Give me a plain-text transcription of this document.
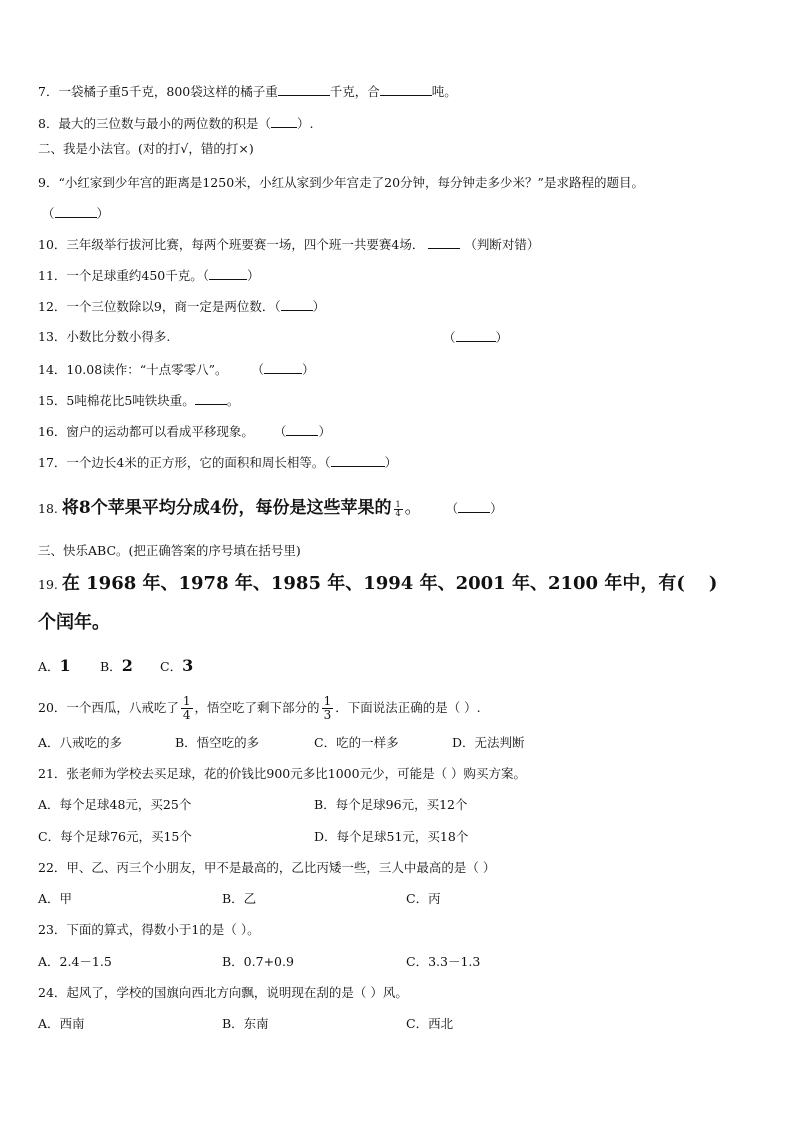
7．一袋橘子重5千克，800袋这样的橘子重	千克，合	吨。
8．最大的三位数与最小的两位数的积是（ ）.
二、我是小法官。(对的打√，错的打×)
9．“小红家到少年宫的距离是1250米，小红从家到少年宫走了20分钟，每分钟走多少米？”是求路程的题目。
（	）
10．三年级举行拔河比赛，每两个班要赛一场，四个班一共要赛4场．	（判断对错）
11．一个足球重约450千克。（	）
12．一个三位数除以9，商一定是两位数．（	）
13．小数比分数小得多.	（	）
14．10.08读作：“十点零零八”。 （	）
15．5吨棉花比5吨铁块重。	。
16．窗户的运动都可以看成平移现象。 （	）
17．一个边长4米的正方形，它的面积和周长相等。（	）
18. 将8个苹果平均分成4份，每份是这些苹果的 $\frac{1}{4}$ 。 （	）
三、快乐ABC。(把正确答案的序号填在括号里)
19. 在 1968 年、1978 年、1985 年、1994 年、2001 年、2100 年中，有( )
个闰年。
A．1 B．2 C．3
20．一个西瓜，八戒吃了 $\frac{1}{4}$ ，悟空吃了剩下部分的 $\frac{1}{3}$ ．下面说法正确的是（ ）.
A．八戒吃的多	B．悟空吃的多	C．吃的一样多	D．无法判断
21．张老师为学校去买足球，花的价钱比900元多比1000元少，可能是（ ）购买方案。
A．每个足球48元，买25个	B．每个足球96元，买12个
C．每个足球76元，买15个	D．每个足球51元，买18个
22．甲、乙、丙三个小朋友，甲不是最高的，乙比丙矮一些，三人中最高的是（ ）
A．甲	B．乙	C．丙
23．下面的算式，得数小于1的是（ ）。
A．2.4－1.5	B．0.7+0.9	C．3.3－1.3
24．起风了，学校的国旗向西北方向飘，说明现在刮的是（ ）风。
A．西南	B．东南	C．西北
